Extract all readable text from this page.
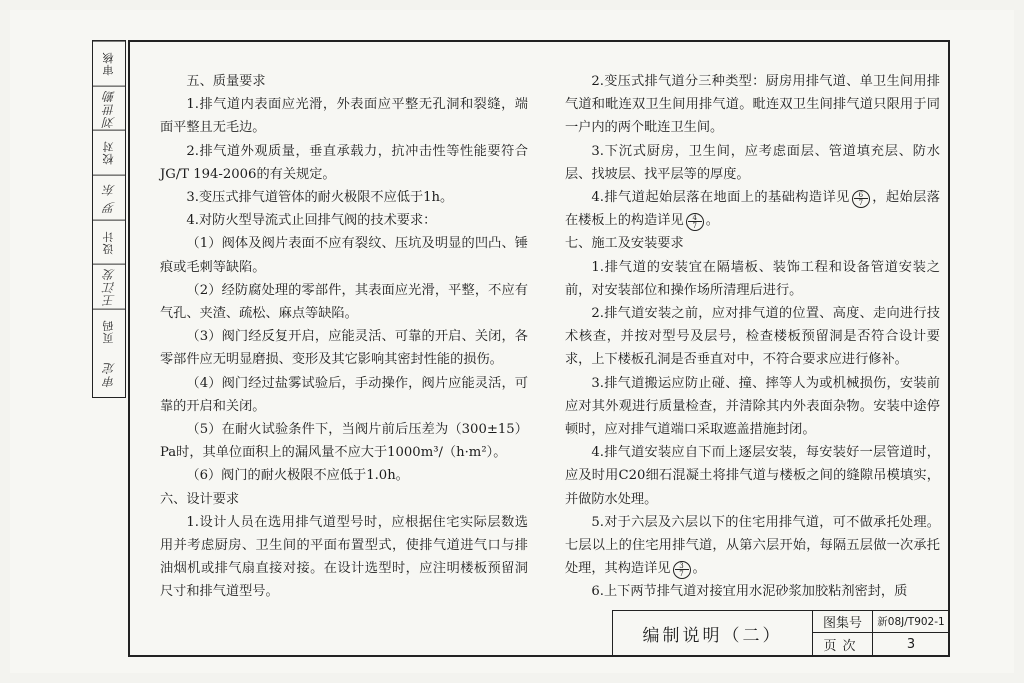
审核
刘世勤
校对
罗 东
设计
王江发
页码
审定

五、质量要求

1.排气道内表面应光滑，外表面应平整无孔洞和裂缝，端面平整且无毛边。

2.排气道外观质量，垂直承载力，抗冲击性等性能要符合JG/T 194-2006的有关规定。

3.变压式排气道管体的耐火极限不应低于1h。

4.对防火型导流式止回排气阀的技术要求：

（1）阀体及阀片表面不应有裂纹、压坑及明显的凹凸、锤痕或毛刺等缺陷。

（2）经防腐处理的零部件，其表面应光滑，平整，不应有气孔、夹渣、疏松、麻点等缺陷。

（3）阀门经反复开启，应能灵活、可靠的开启、关闭，各零部件应无明显磨损、变形及其它影响其密封性能的损伤。

（4）阀门经过盐雾试验后，手动操作，阀片应能灵活，可靠的开启和关闭。

（5）在耐火试验条件下，当阀片前后压差为（300±15）Pa时，其单位面积上的漏风量不应大于1000m³/（h·m²）。

（6）阀门的耐火极限不应低于1.0h。

六、设计要求

1.设计人员在选用排气道型号时，应根据住宅实际层数选用并考虑厨房、卫生间的平面布置型式，使排气道进气口与排油烟机或排气扇直接对接。在设计选型时，应注明楼板预留洞尺寸和排气道型号。

2.变压式排气道分三种类型：厨房用排气道、单卫生间用排气道和毗连双卫生间用排气道。毗连双卫生间排气道只限用于同一户内的两个毗连卫生间。

3.下沉式厨房，卫生间，应考虑面层、管道填充层、防水层、找坡层、找平层等的厚度。

4.排气道起始层落在地面上的基础构造详见	6
7 ，起始层落在楼板上的构造详见	4
7 。

七、施工及安装要求

1.排气道的安装宜在隔墙板、装饰工程和设备管道安装之前，对安装部位和操作场所清理后进行。

2.排气道安装之前，应对排气道的位置、高度、走向进行技术核查，并按对型号及层号，检查楼板预留洞是否符合设计要求，上下楼板孔洞是否垂直对中，不符合要求应进行修补。

3.排气道搬运应防止碰、撞、摔等人为或机械损伤，安装前应对其外观进行质量检查，并清除其内外表面杂物。安装中途停顿时，应对排气道端口采取遮盖措施封闭。

4.排气道安装应自下而上逐层安装，每安装好一层管道时，应及时用C20细石混凝土将排气道与楼板之间的缝隙吊模填实，并做防水处理。

5.对于六层及六层以下的住宅用排气道，可不做承托处理。七层以上的住宅用排气道，从第六层开始，每隔五层做一次承托处理，其构造详见	3
7 。

6.上下两节排气道对接宜用水泥砂浆加胶粘剂密封，质

编制说明（二）
图集号	新08J/T902-1
页次	3
